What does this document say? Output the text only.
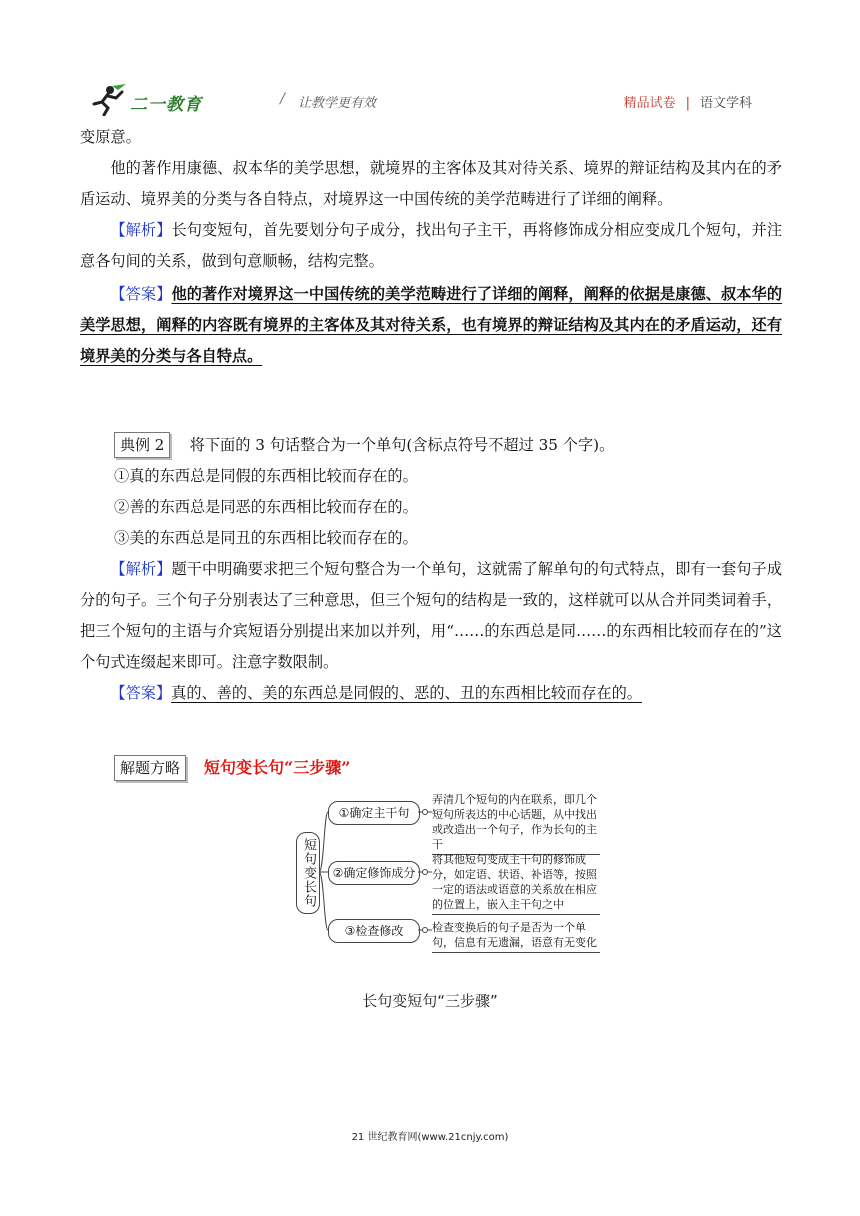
二一教育	/ 让教学更有效	精品试卷 | 语文学科

变原意。

他的著作用康德、叔本华的美学思想，就境界的主客体及其对待关系、境界的辩证结构及其内在的矛盾运动、境界美的分类与各自特点，对境界这一中国传统的美学范畴进行了详细的阐释。

【解析】长句变短句，首先要划分句子成分，找出句子主干，再将修饰成分相应变成几个短句，并注意各句间的关系，做到句意顺畅，结构完整。

【答案】他的著作对境界这一中国传统的美学范畴进行了详细的阐释，阐释的依据是康德、叔本华的美学思想，阐释的内容既有境界的主客体及其对待关系，也有境界的辩证结构及其内在的矛盾运动，还有境界美的分类与各自特点。

典例 2 将下面的 3 句话整合为一个单句(含标点符号不超过 35 个字)。

①真的东西总是同假的东西相比较而存在的。

②善的东西总是同恶的东西相比较而存在的。

③美的东西总是同丑的东西相比较而存在的。

【解析】题干中明确要求把三个短句整合为一个单句，这就需了解单句的句式特点，即有一套句子成分的句子。三个句子分别表达了三种意思，但三个短句的结构是一致的，这样就可以从合并同类词着手，把三个短句的主语与介宾短语分别提出来加以并列，用“……的东西总是同……的东西相比较而存在的”这个句式连缀起来即可。注意字数限制。

【答案】真的、善的、美的东西总是同假的、恶的、丑的东西相比较而存在的。

解题方略 短句变长句“三步骤”

短句变长句
①确定主干句
②确定修饰成分
③检查修改
弄清几个短句的内在联系，即几个短句所表达的中心话题，从中找出或改造出一个句子，作为长句的主干
将其他短句变成主干句的修饰成分，如定语、状语、补语等，按照一定的语法或语意的关系放在相应的位置上，嵌入主干句之中
检查变换后的句子是否为一个单句，信息有无遗漏，语意有无变化
长句变短句“三步骤”
21 世纪教育网(www.21cnjy.com)
